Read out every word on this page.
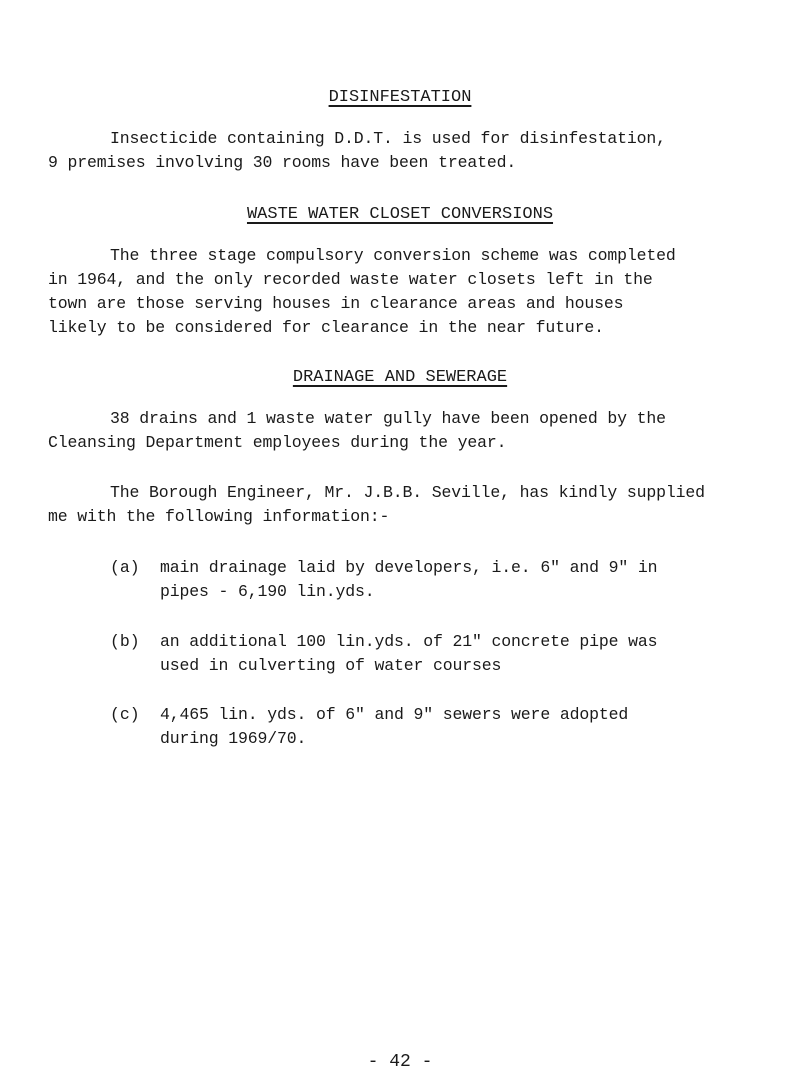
DISINFESTATION
Insecticide containing D.D.T. is used for disinfestation,
9 premises involving 30 rooms have been treated.
WASTE WATER CLOSET CONVERSIONS
The three stage compulsory conversion scheme was completed
in 1964, and the only recorded waste water closets left in the
town are those serving houses in clearance areas and houses
likely to be considered for clearance in the near future.
DRAINAGE AND SEWERAGE
38 drains and 1 waste water gully have been opened by the
Cleansing Department employees during the year.
The Borough Engineer, Mr. J.B.B. Seville, has kindly supplied
me with the following information:-
(a) main drainage laid by developers, i.e. 6" and 9" in
pipes - 6,190 lin.yds.
(b) an additional 100 lin.yds. of 21" concrete pipe was
used in culverting of water courses
(c) 4,465 lin. yds. of 6" and 9" sewers were adopted
during 1969/70.
- 42 -
